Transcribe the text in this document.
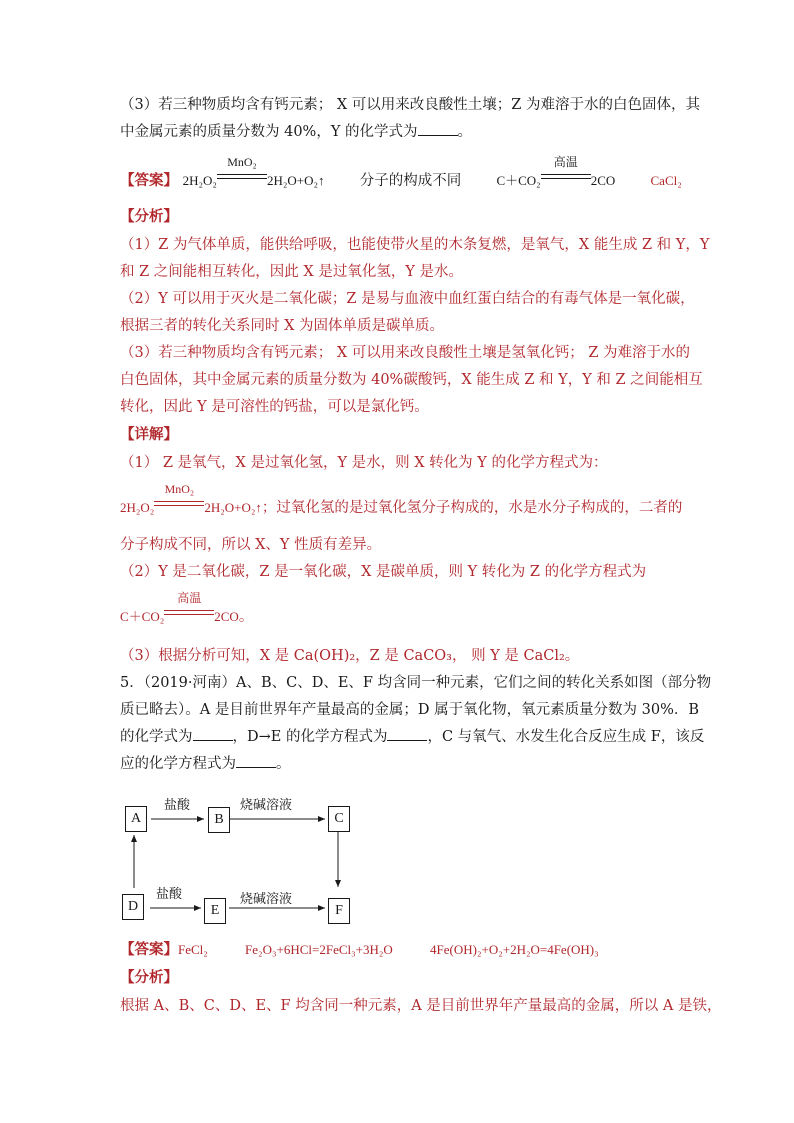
（3）若三种物质均含有钙元素； X 可以用来改良酸性土壤；Z 为难溶于水的白色固体，其
中金属元素的质量分数为 40%，Y 的化学式为	。
【答案】 2H₂O₂
MnO₂
2H₂O+O₂↑ 分子的构成不同	C＋CO₂
高温
2CO	CaCl₂
【分析】
（1）Z 为气体单质，能供给呼吸，也能使带火星的木条复燃，是氧气，X 能生成 Z 和 Y，Y
和 Z 之间能相互转化，因此 X 是过氧化氢，Y 是水。
（2）Y 可以用于灭火是二氧化碳；Z 是易与血液中血红蛋白结合的有毒气体是一氧化碳，
根据三者的转化关系同时 X 为固体单质是碳单质。
（3）若三种物质均含有钙元素； X 可以用来改良酸性土壤是氢氧化钙； Z 为难溶于水的
白色固体，其中金属元素的质量分数为 40%碳酸钙，X 能生成 Z 和 Y，Y 和 Z 之间能相互
转化，因此 Y 是可溶性的钙盐，可以是氯化钙。
【详解】
（1） Z 是氧气，X 是过氧化氢，Y 是水，则 X 转化为 Y 的化学方程式为：
2H₂O₂
MnO₂
2H₂O+O₂↑；过氧化氢的是过氧化氢分子构成的，水是水分子构成的，二者的
分子构成不同，所以 X、Y 性质有差异。
（2）Y 是二氧化碳，Z 是一氧化碳，X 是碳单质，则 Y 转化为 Z 的化学方程式为
C＋CO₂
高温
2CO。
（3）根据分析可知，X 是 Ca(OH)₂，Z 是 CaCO₃， 则 Y 是 CaCl₂。
5．（2019·河南）A、B、C、D、E、F 均含同一种元素，它们之间的转化关系如图（部分物
质已略去）。A 是目前世界年产量最高的金属；D 属于氧化物，氧元素质量分数为 30%．B
的化学式为	，D→E 的化学方程式为	，C 与氧气、水发生化合反应生成 F，该反
应的化学方程式为	。
A	B	C
D	E	F
盐酸	烧碱溶液
盐酸	烧碱溶液
【答案】FeCl₂	Fe₂O₃+6HCl=2FeCl₃+3H₂O	4Fe(OH)₂+O₂+2H₂O=4Fe(OH)₃
【分析】
根据 A、B、C、D、E、F 均含同一种元素，A 是目前世界年产量最高的金属，所以 A 是铁，
